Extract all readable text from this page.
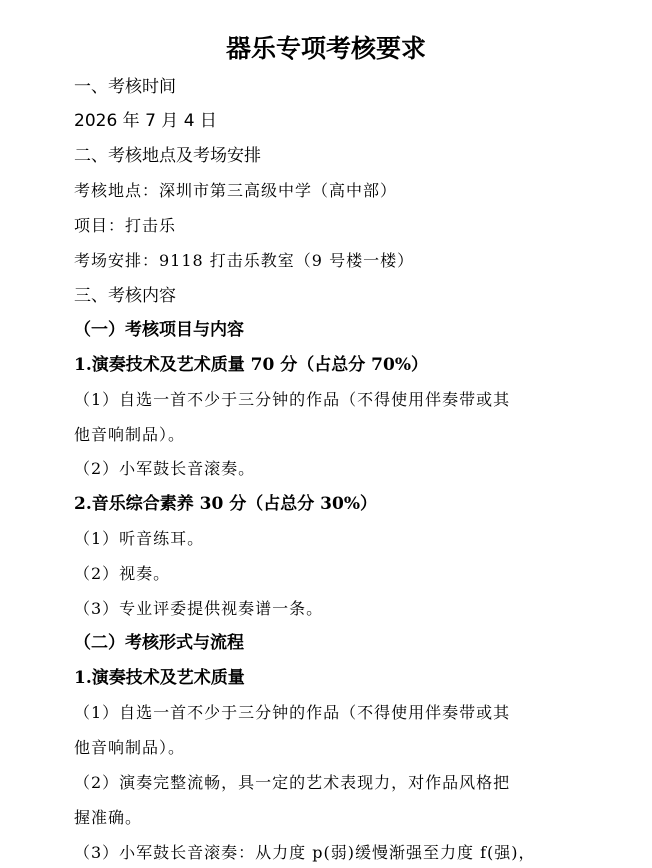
器乐专项考核要求
一、考核时间
2026 年 7 月 4 日
二、考核地点及考场安排
考核地点：深圳市第三高级中学（高中部）
项目：打击乐
考场安排：9118 打击乐教室（9 号楼一楼）
三、考核内容
（一）考核项目与内容
1.演奏技术及艺术质量 70 分（占总分 70%）
（1）自选一首不少于三分钟的作品（不得使用伴奏带或其
他音响制品）。
（2）小军鼓长音滚奏。
2.音乐综合素养 30 分（占总分 30%）
（1）听音练耳。
（2）视奏。
（3）专业评委提供视奏谱一条。
（二）考核形式与流程
1.演奏技术及艺术质量
（1）自选一首不少于三分钟的作品（不得使用伴奏带或其
他音响制品）。
（2）演奏完整流畅，具一定的艺术表现力，对作品风格把
握准确。
（3）小军鼓长音滚奏：从力度 p(弱)缓慢渐强至力度 f(强)，
